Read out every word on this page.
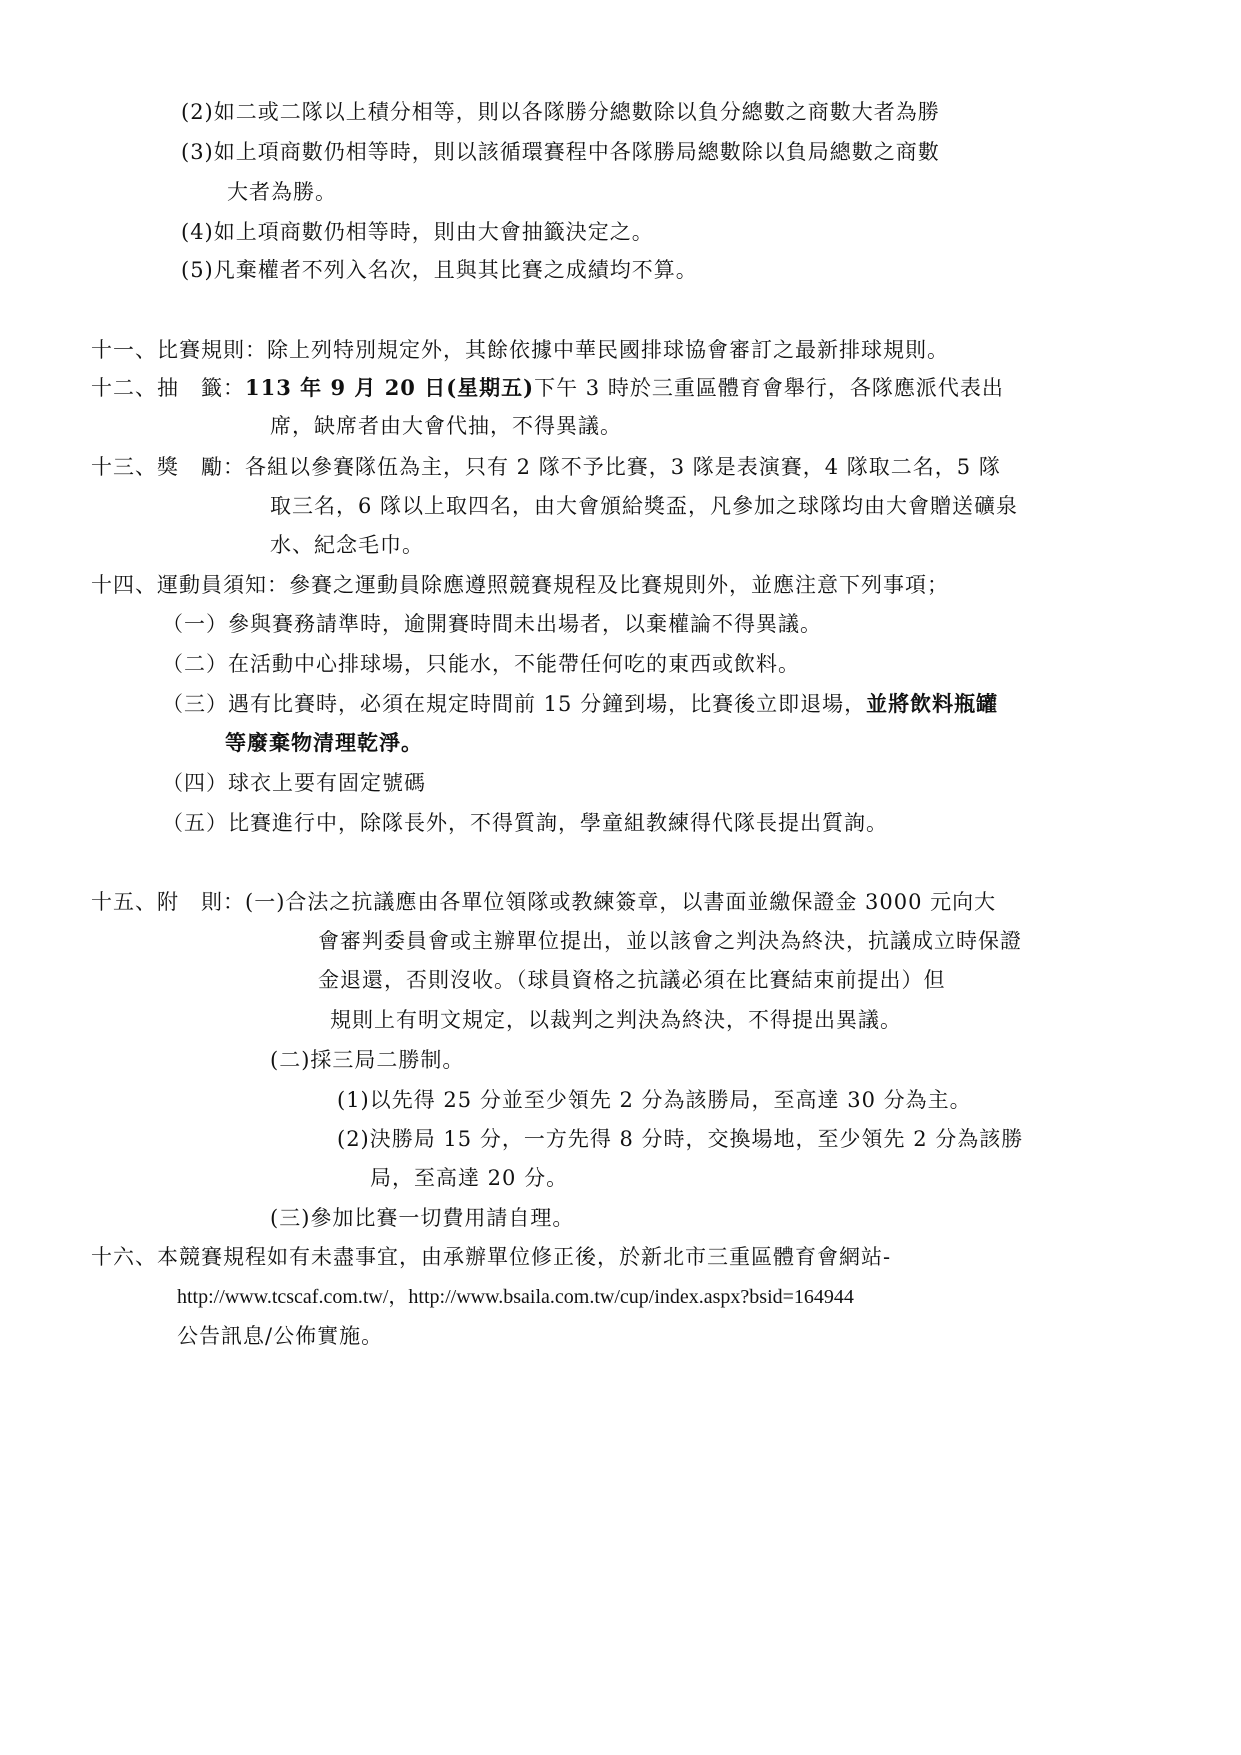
(2)如二或二隊以上積分相等，則以各隊勝分總數除以負分總數之商數大者為勝
(3)如上項商數仍相等時，則以該循環賽程中各隊勝局總數除以負局總數之商數
大者為勝。
(4)如上項商數仍相等時，則由大會抽籤決定之。
(5)凡棄權者不列入名次，且與其比賽之成績均不算。
十一、比賽規則：除上列特別規定外，其餘依據中華民國排球協會審訂之最新排球規則。
十二、抽　籤：113 年 9 月 20 日(星期五)下午 3 時於三重區體育會舉行，各隊應派代表出
席，缺席者由大會代抽，不得異議。
十三、獎　勵：各組以參賽隊伍為主，只有 2 隊不予比賽，3 隊是表演賽，4 隊取二名，5 隊
取三名，6 隊以上取四名，由大會頒給獎盃，凡參加之球隊均由大會贈送礦泉
水、紀念毛巾。
十四、運動員須知：參賽之運動員除應遵照競賽規程及比賽規則外，並應注意下列事項；
（一）參與賽務請準時，逾開賽時間未出場者，以棄權論不得異議。
（二）在活動中心排球場，只能水，不能帶任何吃的東西或飲料。
（三）遇有比賽時，必須在規定時間前 15 分鐘到場，比賽後立即退場，並將飲料瓶罐
等廢棄物清理乾淨。
（四）球衣上要有固定號碼
（五）比賽進行中，除隊長外，不得質詢，學童組教練得代隊長提出質詢。
十五、附　則：(一)合法之抗議應由各單位領隊或教練簽章，以書面並繳保證金 3000 元向大
會審判委員會或主辦單位提出，並以該會之判決為終決，抗議成立時保證
金退還，否則沒收。（球員資格之抗議必須在比賽結束前提出）但
規則上有明文規定，以裁判之判決為終決，不得提出異議。
(二)採三局二勝制。
(1)以先得 25 分並至少領先 2 分為該勝局，至高達 30 分為主。
(2)決勝局 15 分，一方先得 8 分時，交換場地，至少領先 2 分為該勝
局，至高達 20 分。
(三)參加比賽一切費用請自理。
十六、本競賽規程如有未盡事宜，由承辦單位修正後，於新北市三重區體育會網站-
http://www.tcscaf.com.tw/，http://www.bsaila.com.tw/cup/index.aspx?bsid=164944
公告訊息/公佈實施。
